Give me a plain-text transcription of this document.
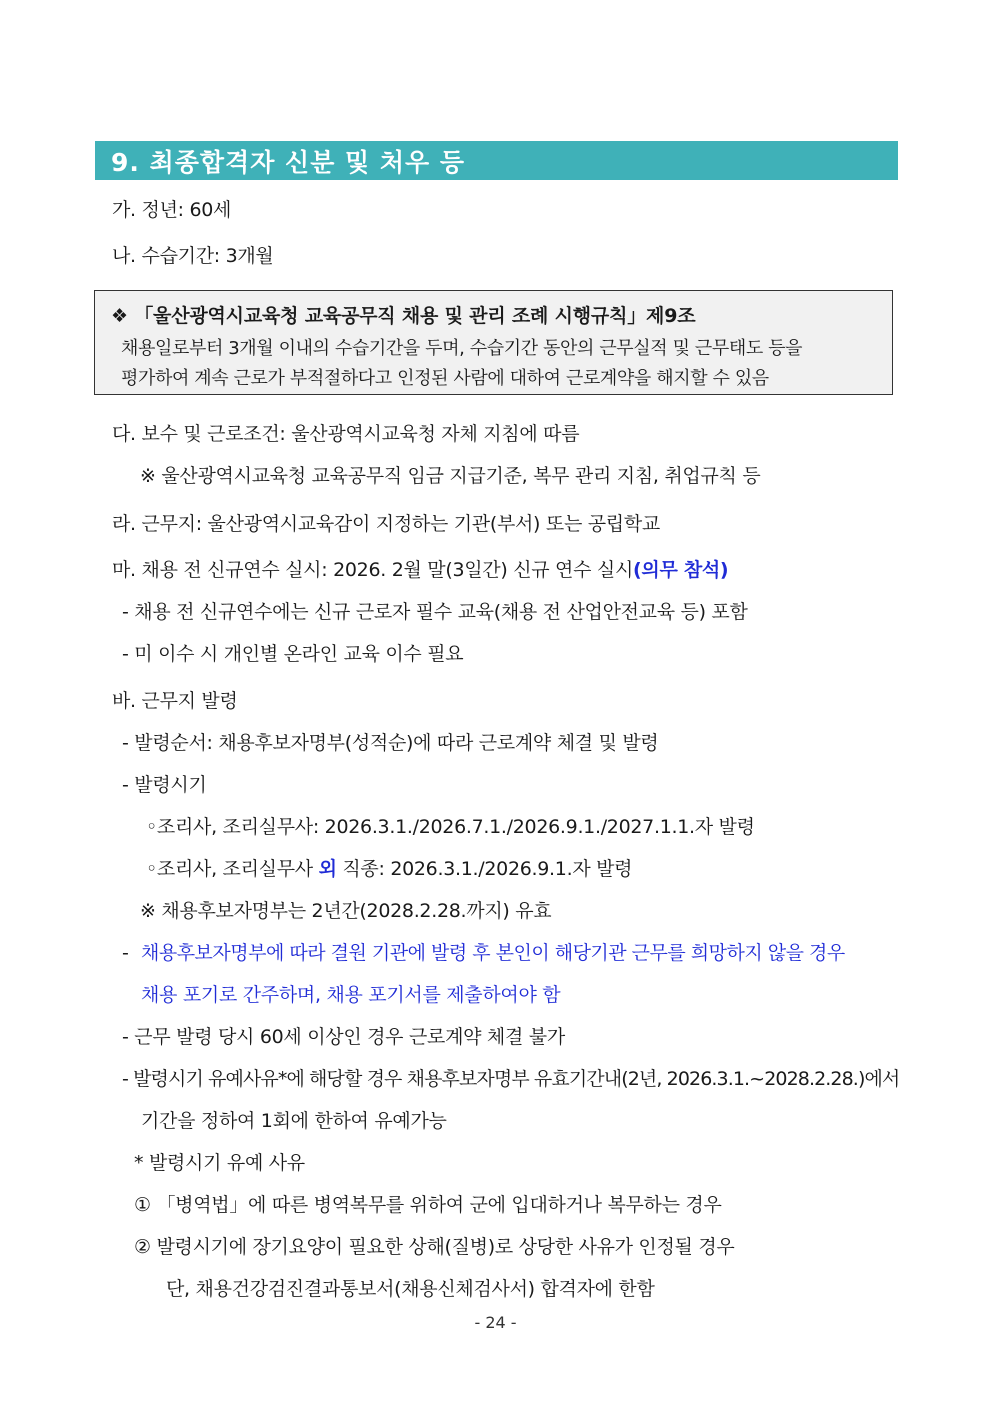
9. 최종합격자 신분 및 처우 등
가. 정년: 60세
나. 수습기간: 3개월
❖ 「울산광역시교육청 교육공무직 채용 및 관리 조례 시행규칙」제9조
채용일로부터 3개월 이내의 수습기간을 두며, 수습기간 동안의 근무실적 및 근무태도 등을
평가하여 계속 근로가 부적절하다고 인정된 사람에 대하여 근로계약을 해지할 수 있음
다. 보수 및 근로조건: 울산광역시교육청 자체 지침에 따름
※ 울산광역시교육청 교육공무직 임금 지급기준, 복무 관리 지침, 취업규칙 등
라. 근무지: 울산광역시교육감이 지정하는 기관(부서) 또는 공립학교
마. 채용 전 신규연수 실시: 2026. 2월 말(3일간) 신규 연수 실시(의무 참석)
- 채용 전 신규연수에는 신규 근로자 필수 교육(채용 전 산업안전교육 등) 포함
- 미 이수 시 개인별 온라인 교육 이수 필요
바. 근무지 발령
- 발령순서: 채용후보자명부(성적순)에 따라 근로계약 체결 및 발령
- 발령시기
◦조리사, 조리실무사: 2026.3.1./2026.7.1./2026.9.1./2027.1.1.자 발령
◦조리사, 조리실무사 외 직종: 2026.3.1./2026.9.1.자 발령
※ 채용후보자명부는 2년간(2028.2.28.까지) 유효
- 채용후보자명부에 따라 결원 기관에 발령 후 본인이 해당기관 근무를 희망하지 않을 경우
채용 포기로 간주하며, 채용 포기서를 제출하여야 함
- 근무 발령 당시 60세 이상인 경우 근로계약 체결 불가
- 발령시기 유예사유*에 해당할 경우 채용후보자명부 유효기간내(2년, 2026.3.1.~2028.2.28.)에서
기간을 정하여 1회에 한하여 유예가능
* 발령시기 유예 사유
① 「병역법」에 따른 병역복무를 위하여 군에 입대하거나 복무하는 경우
② 발령시기에 장기요양이 필요한 상해(질병)로 상당한 사유가 인정될 경우
단, 채용건강검진결과통보서(채용신체검사서) 합격자에 한함
- 24 -
